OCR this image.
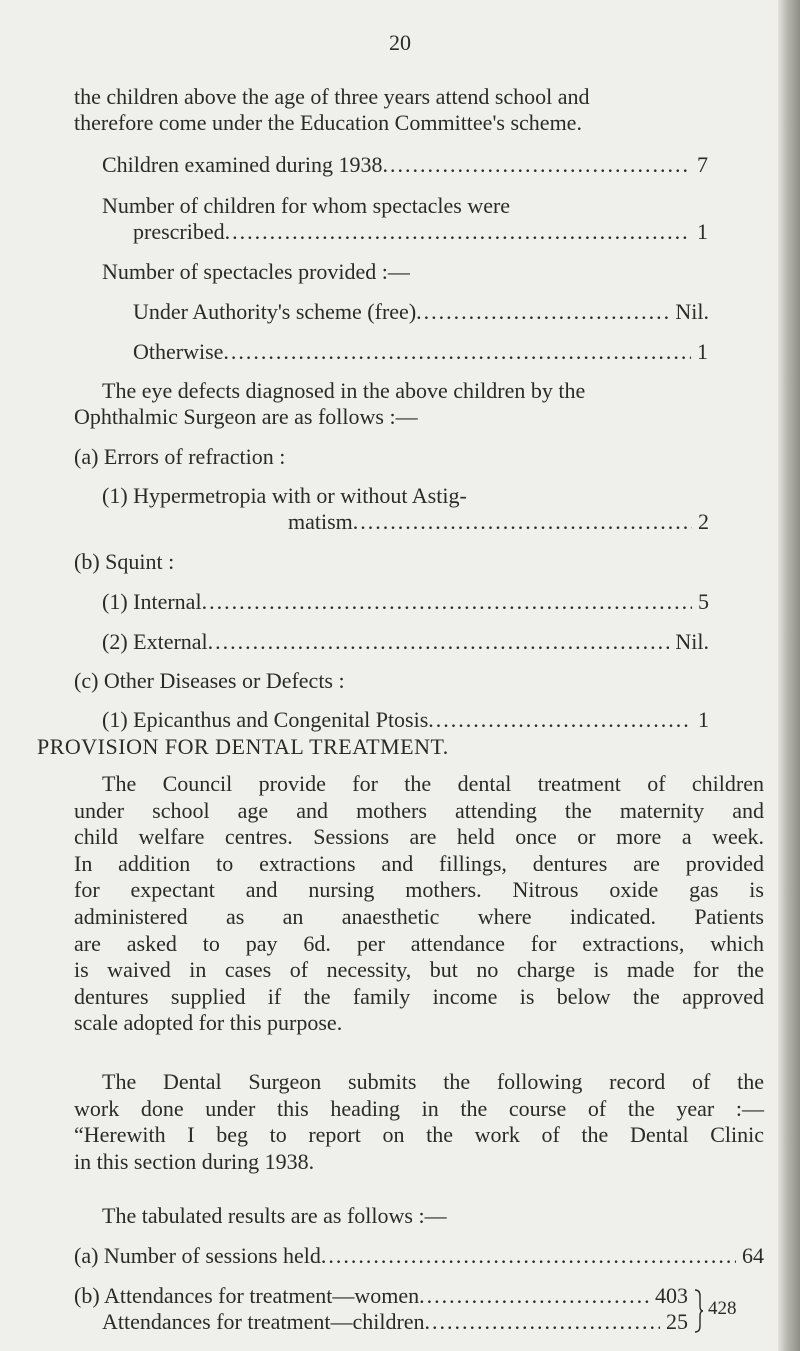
20
the children above the age of three years attend school and
therefore come under the Education Committee's scheme.
Children examined during 1938 .....	7
Number of children for whom spectacles were
prescribed .....	1
Number of spectacles provided :—
Under Authority's scheme (free) .....	Nil.
Otherwise .....	1
The eye defects diagnosed in the above children by the
Ophthalmic Surgeon are as follows :—
(a) Errors of refraction :
(1) Hypermetropia with or without Astig-
matism .....	2
(b) Squint :
(1) Internal .....	5
(2) External .....	Nil.
(c) Other Diseases or Defects :
(1) Epicanthus and Congenital Ptosis .....	1
PROVISION FOR DENTAL TREATMENT.
The Council provide for the dental treatment of children
under school age and mothers attending the maternity and
child welfare centres. Sessions are held once or more a week.
In addition to extractions and fillings, dentures are provided
for expectant and nursing mothers. Nitrous oxide gas is
administered as an anaesthetic where indicated. Patients
are asked to pay 6d. per attendance for extractions, which
is waived in cases of necessity, but no charge is made for the
dentures supplied if the family income is below the approved
scale adopted for this purpose.
The Dental Surgeon submits the following record of the
work done under this heading in the course of the year :—
“Herewith I beg to report on the work of the Dental Clinic
in this section during 1938.
The tabulated results are as follows :—
(a) Number of sessions held .....	64
(b) Attendances for treatment—women .....	403
Attendances for treatment—children .....	25
428
